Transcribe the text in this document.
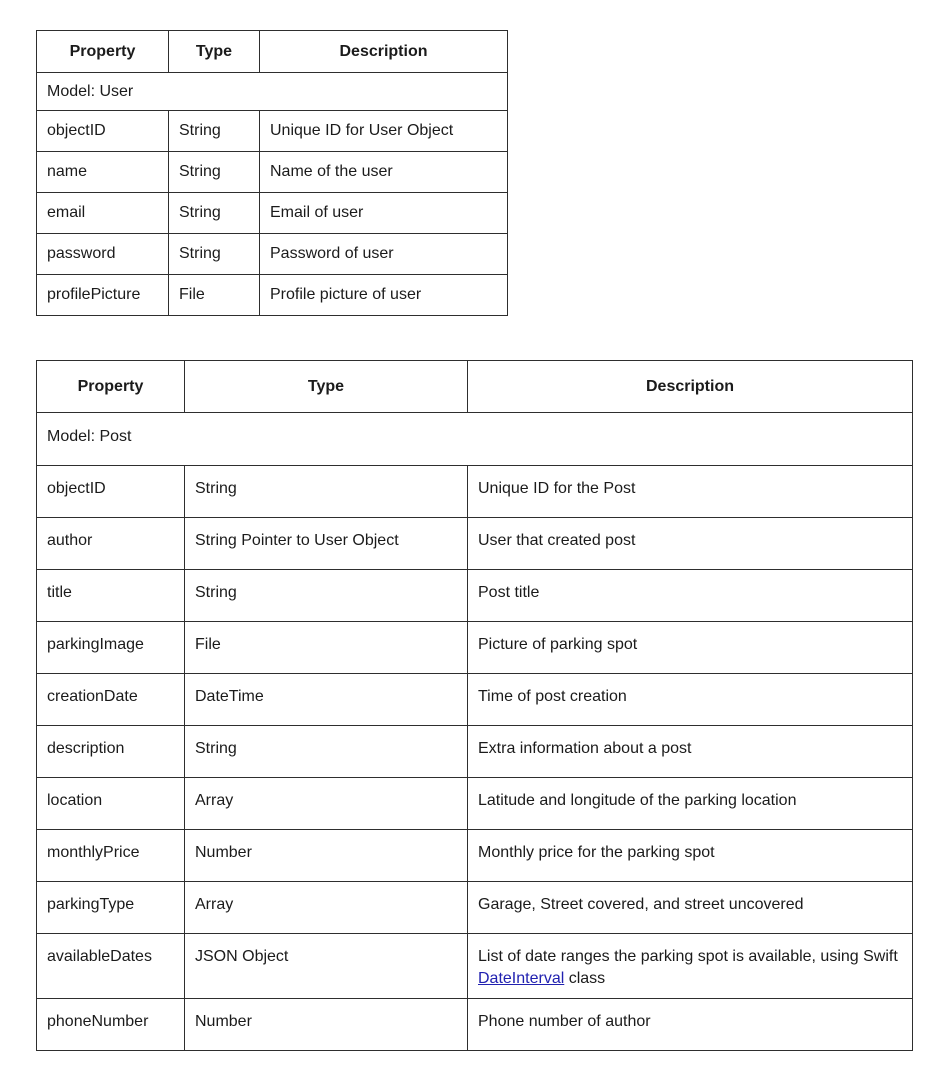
Model: User		
Property	Type	Description
objectID	String	Unique ID for User Object
name	String	Name of the user
email	String	Email of user
password	String	Password of user
profilePicture	File	Profile picture of user
Model: Post		
Property	Type	Description
objectID	String	Unique ID for the Post
author	String Pointer to User Object	User that created post
title	String	Post title
parkingImage	File	Picture of parking spot
creationDate	DateTime	Time of post creation
description	String	Extra information about a post
location	Array	Latitude and longitude of the parking location
monthlyPrice	Number	Monthly price for the parking spot
parkingType	Array	Garage, Street covered, and street uncovered
availableDates	JSON Object	List of date ranges the parking spot is available, using Swift DateInterval class
phoneNumber	Number	Phone number of author
